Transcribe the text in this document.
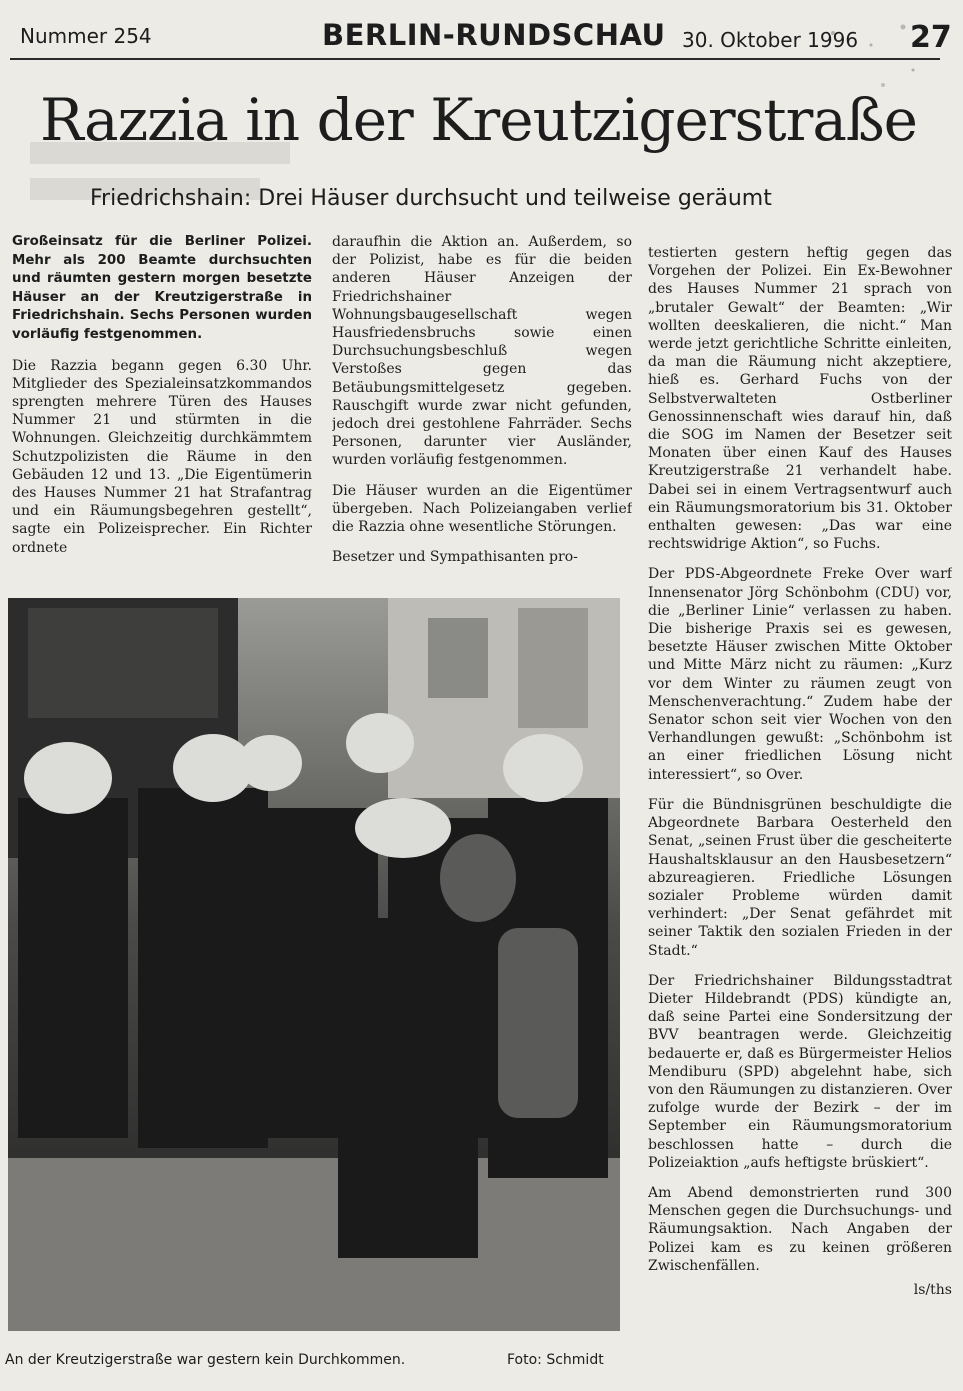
Nummer 254	BERLIN-RUNDSCHAU 30. Oktober 1996 27
Razzia in der Kreutzigerstraße
Friedrichshain: Drei Häuser durchsucht und teilweise geräumt

Großeinsatz für die Berliner Polizei. Mehr als 200 Beamte durchsuchten und räumten gestern morgen besetzte Häuser an der Kreutzigerstraße in Friedrichshain. Sechs Personen wurden vorläufig festgenommen.

Die Razzia begann gegen 6.30 Uhr. Mitglieder des Spezialeinsatzkommandos sprengten mehrere Türen des Hauses Nummer 21 und stürmten in die Wohnungen. Gleichzeitig durchkämmtem Schutzpolizisten die Räume in den Gebäuden 12 und 13. „Die Eigentümerin des Hauses Nummer 21 hat Strafantrag und ein Räumungsbegehren gestellt“, sagte ein Polizeisprecher. Ein Richter ordnete

daraufhin die Aktion an. Außerdem, so der Polizist, habe es für die beiden anderen Häuser Anzeigen der Friedrichshainer Wohnungsbaugesellschaft wegen Hausfriedensbruchs sowie einen Durchsuchungsbeschluß wegen Verstoßes gegen das Betäubungsmittelgesetz gegeben. Rauschgift wurde zwar nicht gefunden, jedoch drei gestohlene Fahrräder. Sechs Personen, darunter vier Ausländer, wurden vorläufig festgenommen.

Die Häuser wurden an die Eigentümer übergeben. Nach Polizeiangaben verlief die Razzia ohne wesentliche Störungen.

Besetzer und Sympathisanten pro-

testierten gestern heftig gegen das Vorgehen der Polizei. Ein Ex-Bewohner des Hauses Nummer 21 sprach von „brutaler Gewalt“ der Beamten: „Wir wollten deeskalieren, die nicht.“ Man werde jetzt gerichtliche Schritte einleiten, da man die Räumung nicht akzeptiere, hieß es. Gerhard Fuchs von der Selbstverwalteten Ostberliner Genossinnenschaft wies darauf hin, daß die SOG im Namen der Besetzer seit Monaten über einen Kauf des Hauses Kreutzigerstraße 21 verhandelt habe. Dabei sei in einem Vertragsentwurf auch ein Räumungsmoratorium bis 31. Oktober enthalten gewesen: „Das war eine rechtswidrige Aktion“, so Fuchs.

Der PDS-Abgeordnete Freke Over warf Innensenator Jörg Schönbohm (CDU) vor, die „Berliner Linie“ verlassen zu haben. Die bisherige Praxis sei es gewesen, besetzte Häuser zwischen Mitte Oktober und Mitte März nicht zu räumen: „Kurz vor dem Winter zu räumen zeugt von Menschenverachtung.“ Zudem habe der Senator schon seit vier Wochen von den Verhandlungen gewußt: „Schönbohm ist an einer friedlichen Lösung nicht interessiert“, so Over.

Für die Bündnisgrünen beschuldigte die Abgeordnete Barbara Oesterheld den Senat, „seinen Frust über die gescheiterte Haushaltsklausur an den Hausbesetzern“ abzureagieren. Friedliche Lösungen sozialer Probleme würden damit verhindert: „Der Senat gefährdet mit seiner Taktik den sozialen Frieden in der Stadt.“

Der Friedrichshainer Bildungsstadtrat Dieter Hildebrandt (PDS) kündigte an, daß seine Partei eine Sondersitzung der BVV beantragen werde. Gleichzeitig bedauerte er, daß es Bürgermeister Helios Mendiburu (SPD) abgelehnt habe, sich von den Räumungen zu distanzieren. Over zufolge wurde der Bezirk – der im September ein Räumungsmoratorium beschlossen hatte – durch die Polizeiaktion „aufs heftigste brüskiert“.

Am Abend demonstrierten rund 300 Menschen gegen die Durchsuchungs- und Räumungsaktion. Nach Angaben der Polizei kam es zu keinen größeren Zwischenfällen.

ls/ths

An der Kreutzigerstraße war gestern kein Durchkommen.	Foto: Schmidt
